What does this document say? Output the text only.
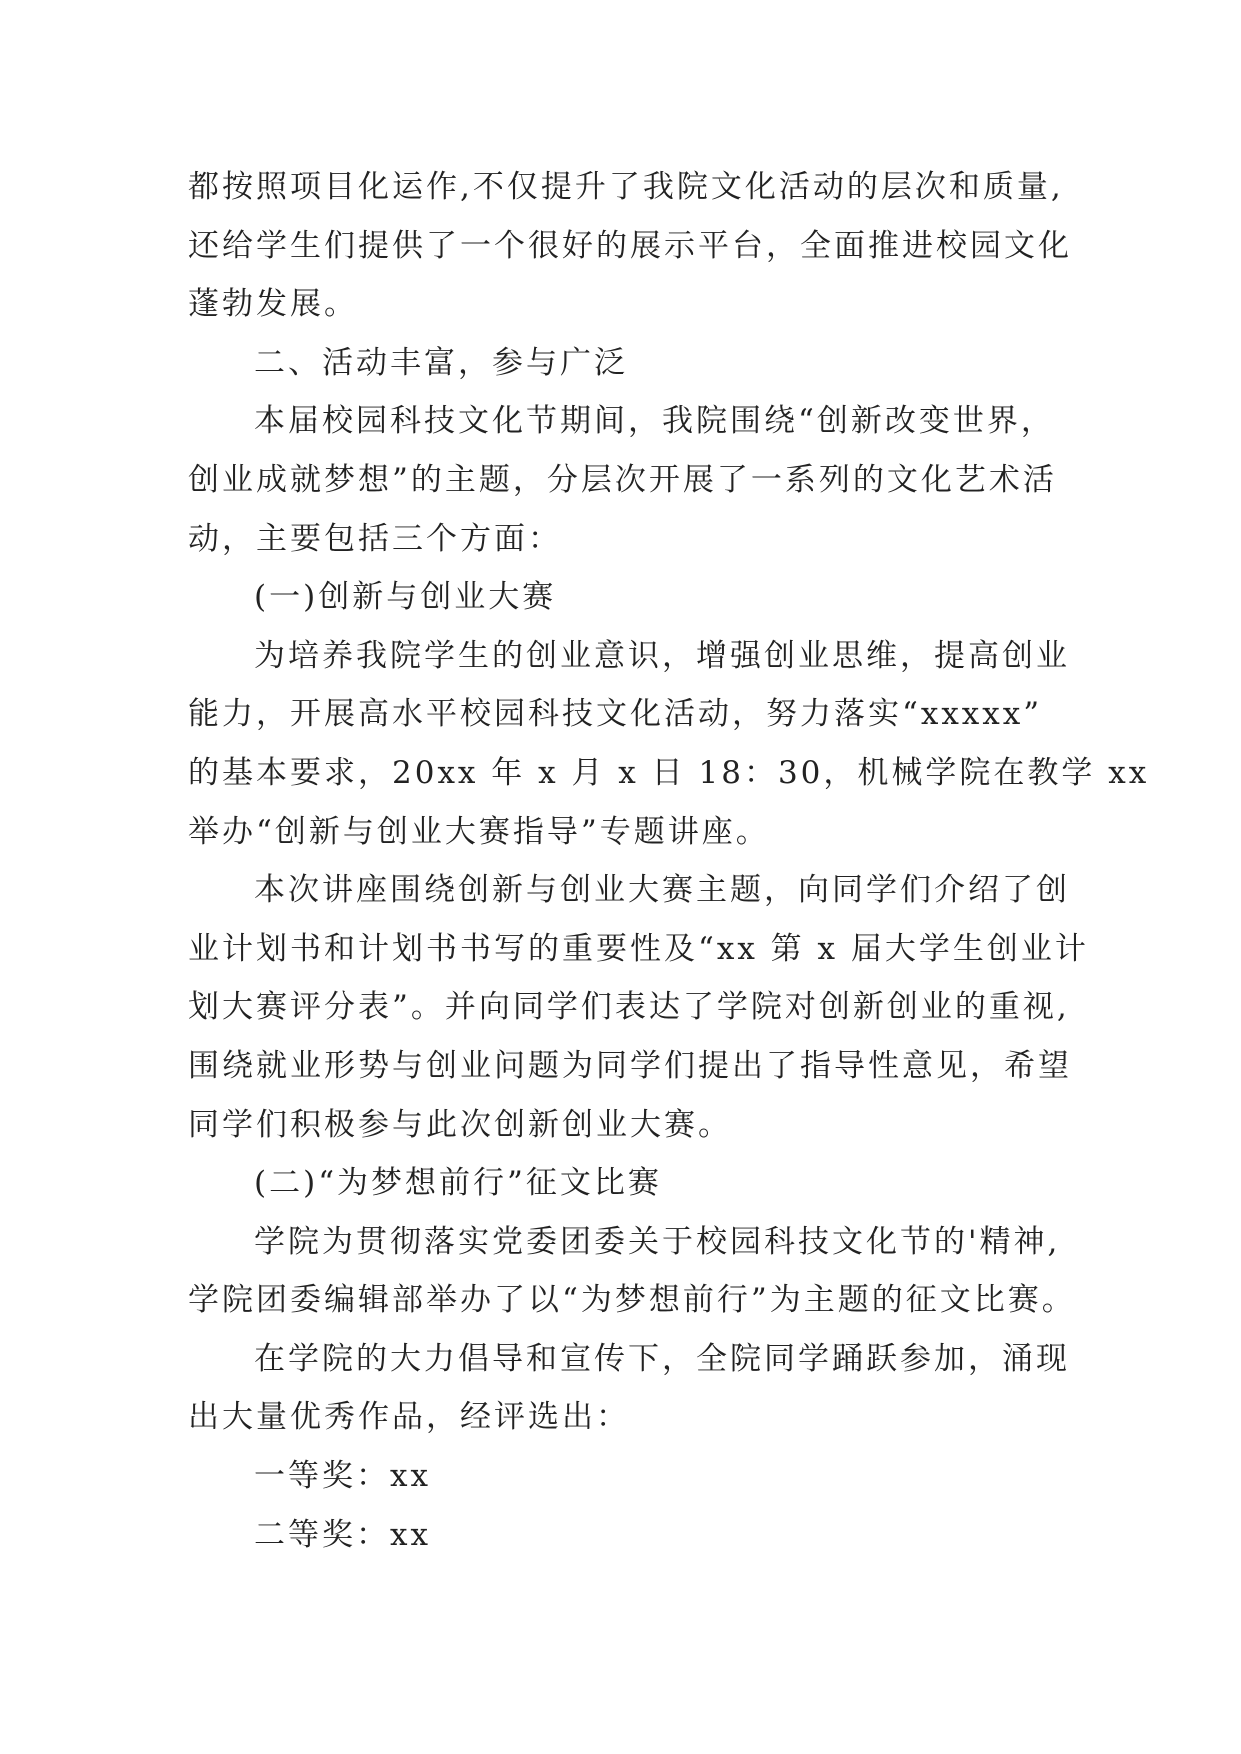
都按照项目化运作,不仅提升了我院文化活动的层次和质量,
还给学生们提供了一个很好的展示平台，全面推进校园文化
蓬勃发展。
二、活动丰富，参与广泛
本届校园科技文化节期间，我院围绕“创新改变世界，
创业成就梦想”的主题，分层次开展了一系列的文化艺术活
动，主要包括三个方面：
(一)创新与创业大赛
为培养我院学生的创业意识，增强创业思维，提高创业
能力，开展高水平校园科技文化活动，努力落实“xxxxx”
的基本要求，20xx 年 x 月 x 日 18：30，机械学院在教学 xx
举办“创新与创业大赛指导”专题讲座。
本次讲座围绕创新与创业大赛主题，向同学们介绍了创
业计划书和计划书书写的重要性及“xx 第 x 届大学生创业计
划大赛评分表”。并向同学们表达了学院对创新创业的重视,
围绕就业形势与创业问题为同学们提出了指导性意见，希望
同学们积极参与此次创新创业大赛。
(二)“为梦想前行”征文比赛
学院为贯彻落实党委团委关于校园科技文化节的'精神,
学院团委编辑部举办了以“为梦想前行”为主题的征文比赛。
在学院的大力倡导和宣传下，全院同学踊跃参加，涌现
出大量优秀作品，经评选出：
一等奖：xx
二等奖：xx
